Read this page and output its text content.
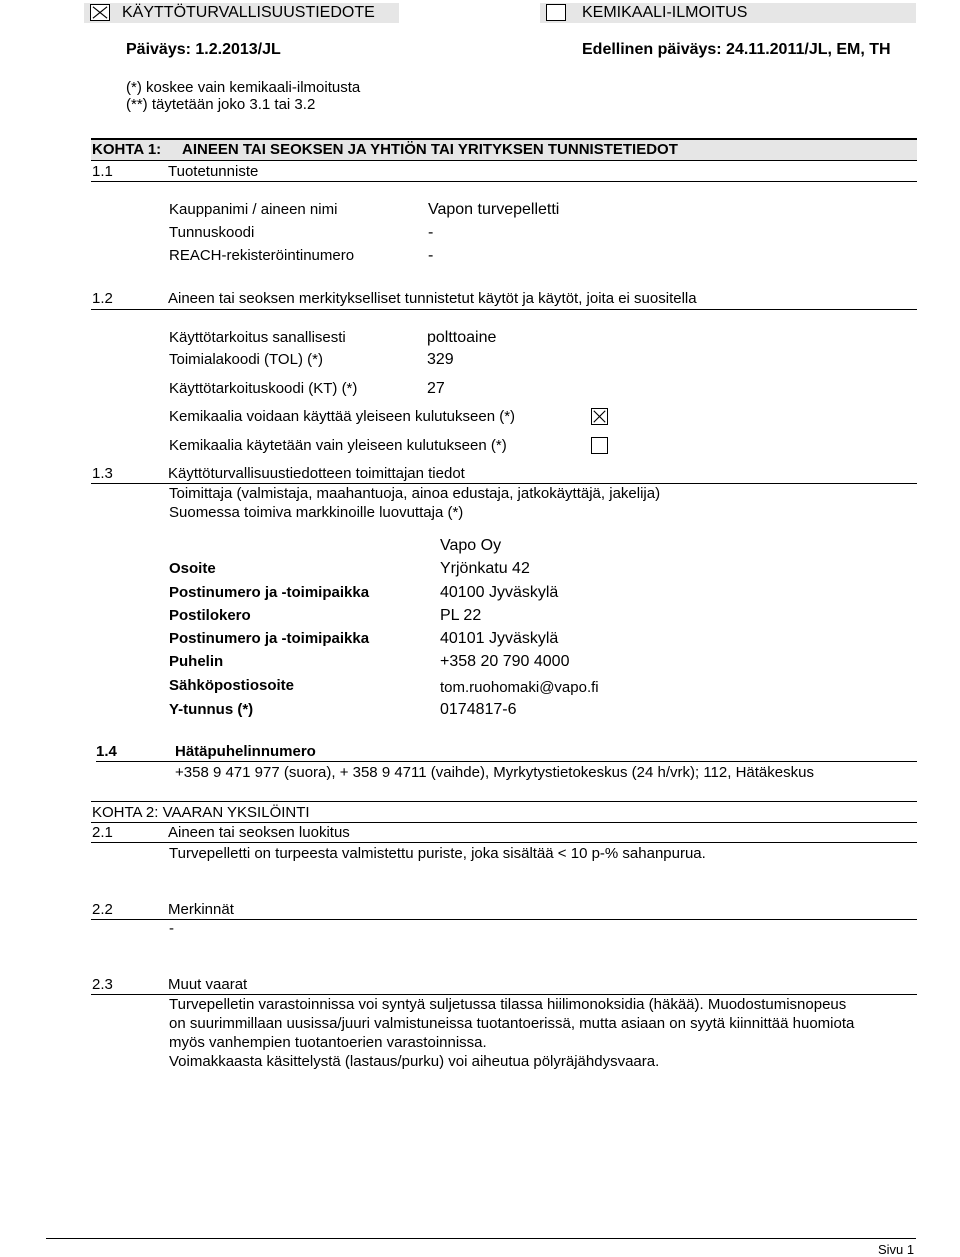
KÄYTTÖTURVALLISUUSTIEDOTE	KEMIKAALI-ILMOITUS
Päiväys: 1.2.2013/JL	Edellinen päiväys: 24.11.2011/JL, EM, TH
(*) koskee vain kemikaali-ilmoitusta
(**) täytetään joko 3.1 tai 3.2
KOHTA 1: AINEEN TAI SEOKSEN JA YHTIÖN TAI YRITYKSEN TUNNISTETIEDOT
1.1	Tuotetunniste
Kauppanimi / aineen nimi	Vapon turvepelletti
Tunnuskoodi	-
REACH-rekisteröintinumero	-
1.2	Aineen tai seoksen merkitykselliset tunnistetut käytöt ja käytöt, joita ei suositella
Käyttötarkoitus sanallisesti	polttoaine
Toimialakoodi (TOL) (*)	329
Käyttötarkoituskoodi (KT) (*)	27
Kemikaalia voidaan käyttää yleiseen kulutukseen (*)
Kemikaalia käytetään vain yleiseen kulutukseen (*)
1.3	Käyttöturvallisuustiedotteen toimittajan tiedot
Toimittaja (valmistaja, maahantuoja, ainoa edustaja, jatkokäyttäjä, jakelija)
Suomessa toimiva markkinoille luovuttaja (*)
Vapo Oy
Osoite	Yrjönkatu 42
Postinumero ja -toimipaikka	40100 Jyväskylä
Postilokero	PL 22
Postinumero ja -toimipaikka	40101 Jyväskylä
Puhelin	+358 20 790 4000
Sähköpostiosoite	tom.ruohomaki@vapo.fi
Y-tunnus (*)	0174817-6
1.4	Hätäpuhelinnumero
+358 9 471 977 (suora), + 358 9 4711 (vaihde), Myrkytystietokeskus (24 h/vrk); 112, Hätäkeskus
KOHTA 2: VAARAN YKSILÖINTI
2.1	Aineen tai seoksen luokitus
Turvepelletti on turpeesta valmistettu puriste, joka sisältää < 10 p-% sahanpurua.
2.2	Merkinnät
-
2.3	Muut vaarat
Turvepelletin varastoinnissa voi syntyä suljetussa tilassa hiilimonoksidia (häkää). Muodostumisnopeus
on suurimmillaan uusissa/juuri valmistuneissa tuotantoerissä, mutta asiaan on syytä kiinnittää huomiota
myös vanhempien tuotantoerien varastoinnissa.
Voimakkaasta käsittelystä (lastaus/purku) voi aiheutua pölyräjähdysvaara.
Sivu 1
